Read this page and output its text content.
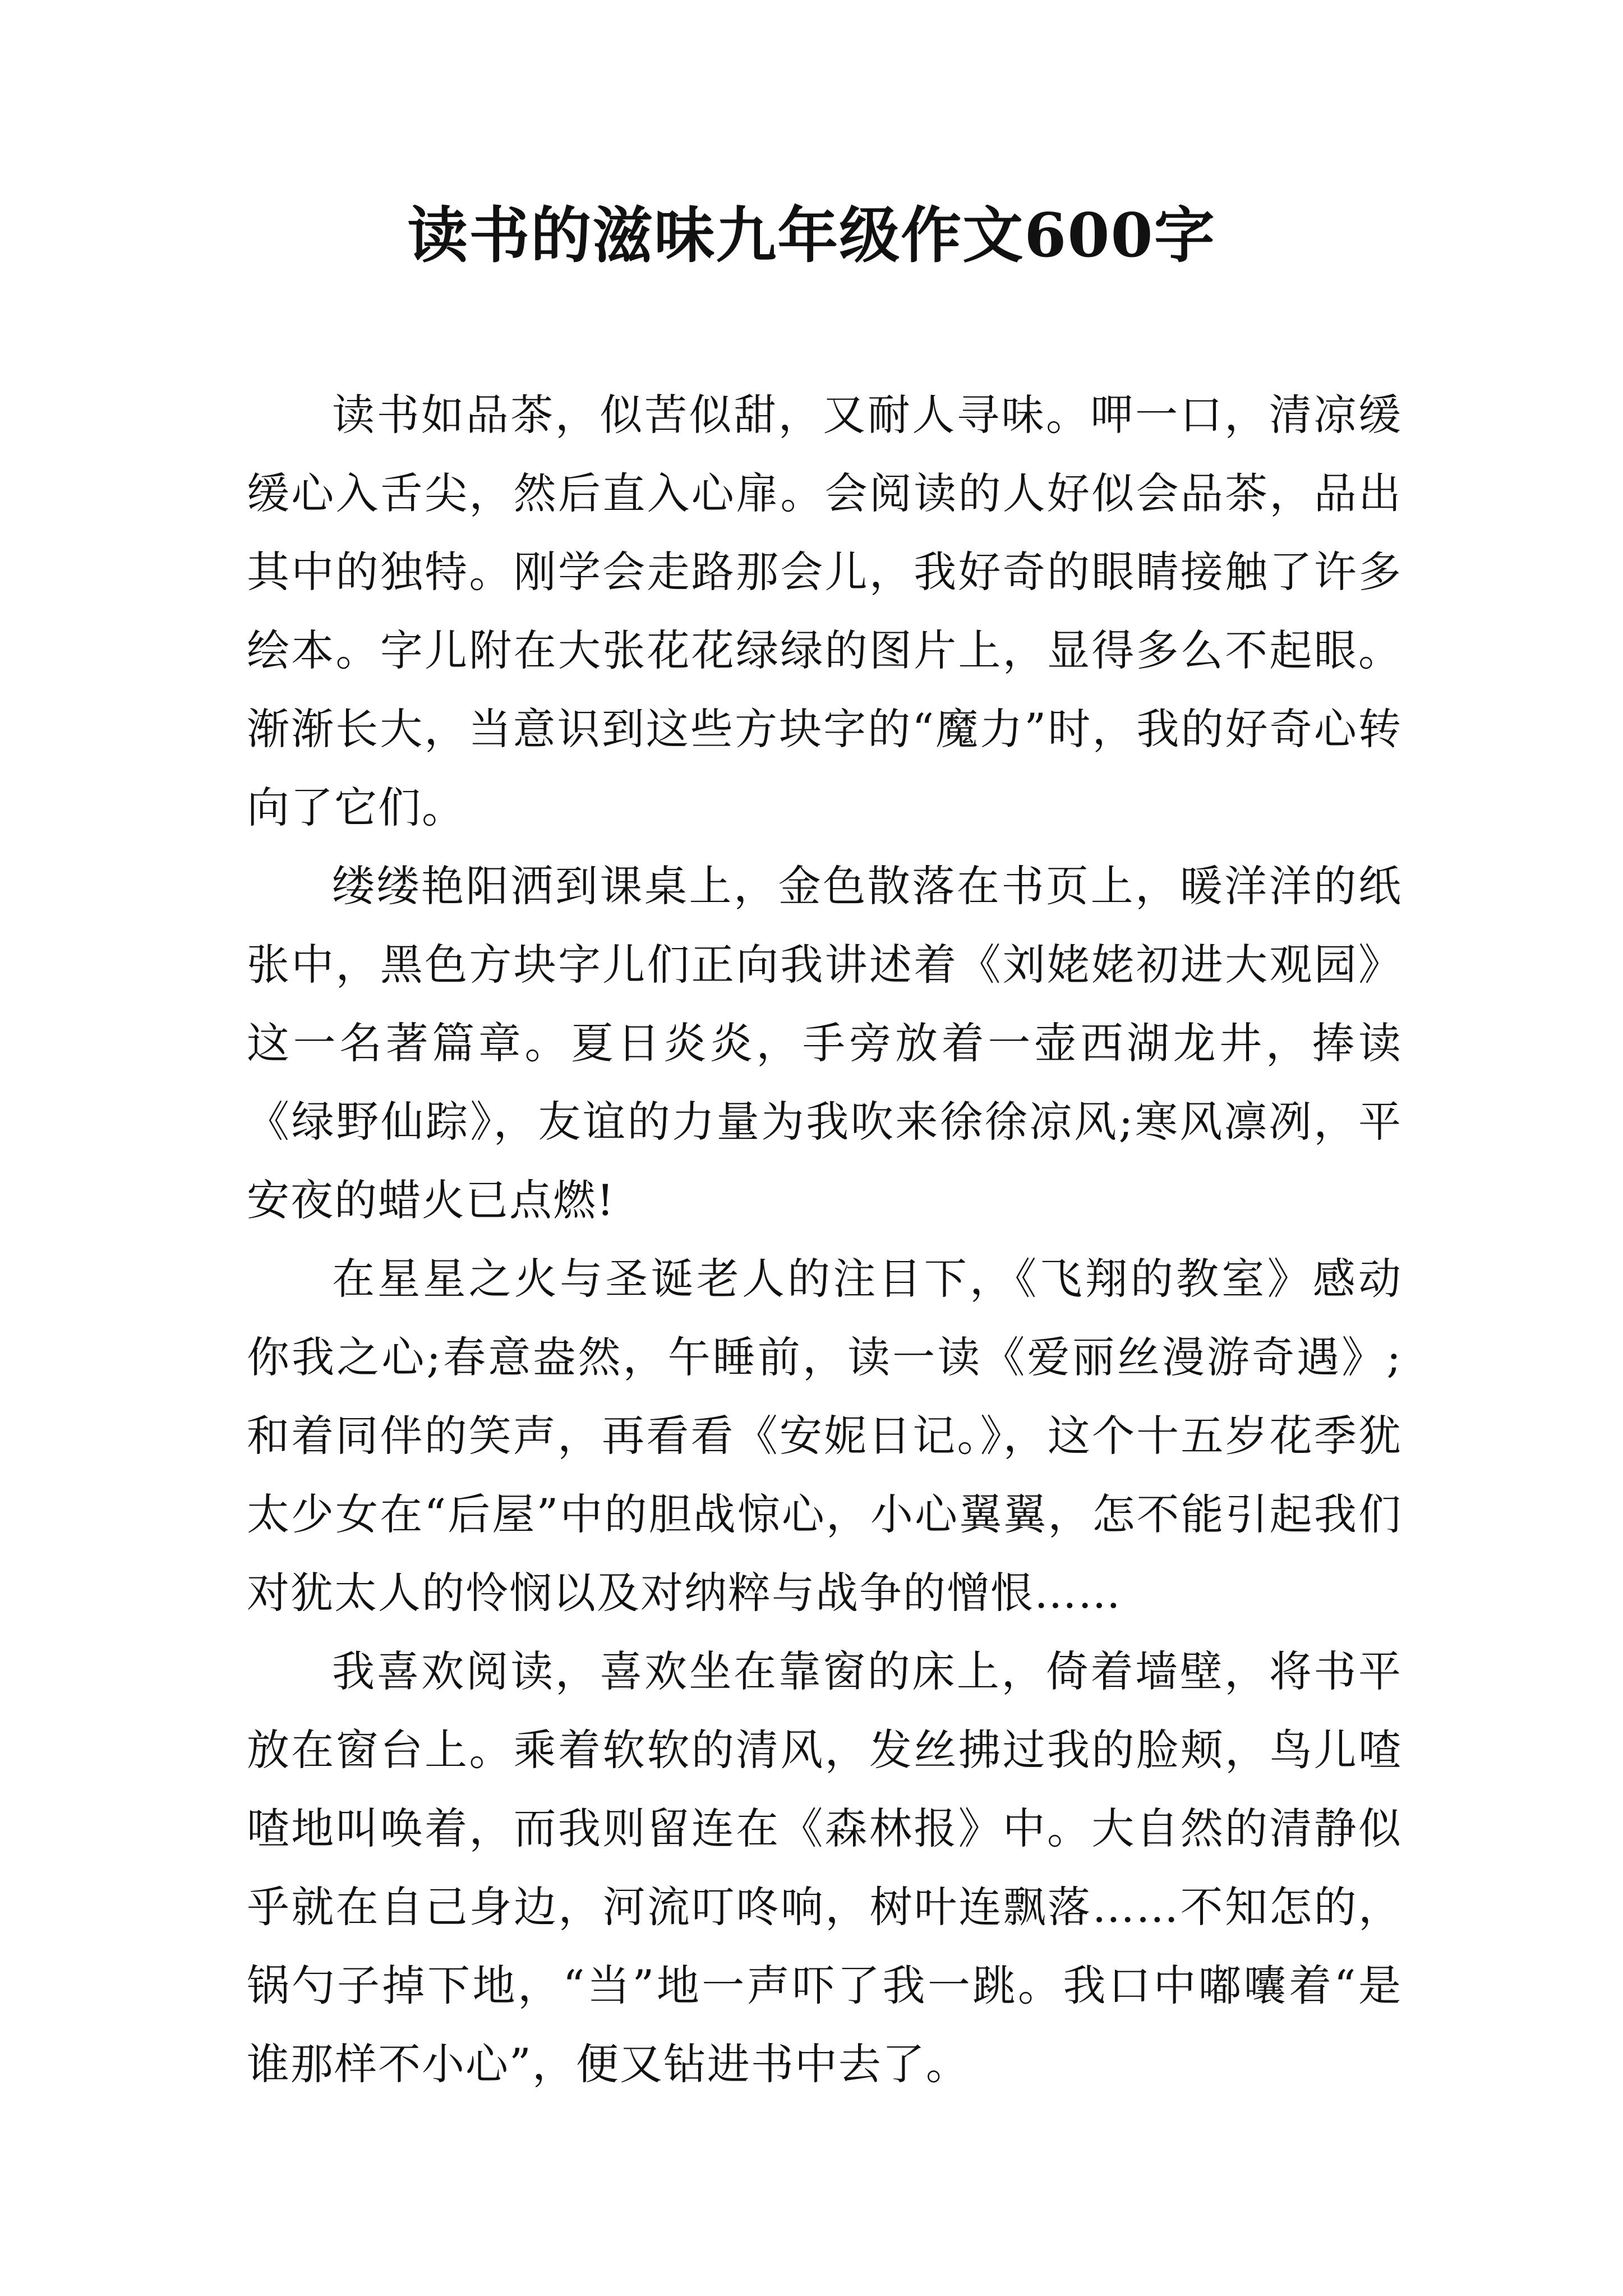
读书的滋味九年级作文600字

读书如品茶，似苦似甜，又耐人寻味。呷一口，清凉缓缓心入舌尖，然后直入心扉。会阅读的人好似会品茶，品出其中的独特。刚学会走路那会儿，我好奇的眼睛接触了许多绘本。字儿附在大张花花绿绿的图片上，显得多么不起眼。渐渐长大，当意识到这些方块字的“魔力”时，我的好奇心转向了它们。

缕缕艳阳洒到课桌上，金色散落在书页上，暖洋洋的纸张中，黑色方块字儿们正向我讲述着《刘姥姥初进大观园》这一名著篇章。夏日炎炎，手旁放着一壶西湖龙井，捧读《绿野仙踪》，友谊的力量为我吹来徐徐凉风;寒风凛冽，平安夜的蜡火已点燃!

在星星之火与圣诞老人的注目下，《飞翔的教室》感动你我之心;春意盎然，午睡前，读一读《爱丽丝漫游奇遇》;和着同伴的笑声，再看看《安妮日记。》，这个十五岁花季犹太少女在“后屋”中的胆战惊心，小心翼翼，怎不能引起我们对犹太人的怜悯以及对纳粹与战争的憎恨……

我喜欢阅读，喜欢坐在靠窗的床上，倚着墙壁，将书平放在窗台上。乘着软软的清风，发丝拂过我的脸颊，鸟儿喳喳地叫唤着，而我则留连在《森林报》中。大自然的清静似乎就在自己身边，河流叮咚响，树叶连飘落……不知怎的，锅勺子掉下地，“当”地一声吓了我一跳。我口中嘟囔着“是谁那样不小心”，便又钻进书中去了。
